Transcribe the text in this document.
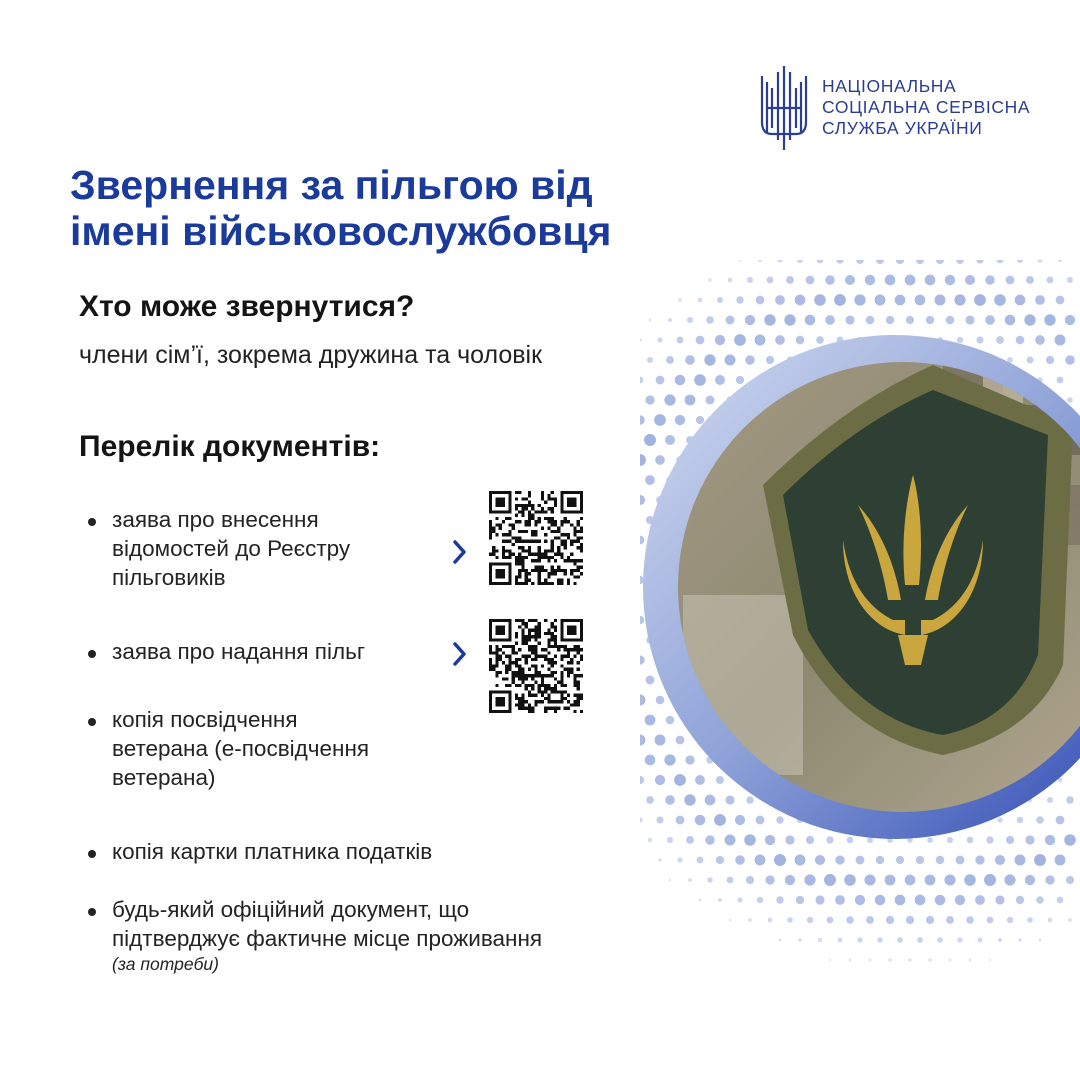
НАЦІОНАЛЬНА
СОЦІАЛЬНА СЕРВІСНА
СЛУЖБА УКРАЇНИ
Звернення за пільгою від
імені військовослужбовця
Хто може звернутися?
члени сім’ї, зокрема дружина та чоловік
Перелік документів:
заява про внесення
відомостей до Реєстру
пільговиків
заява про надання пільг
копія посвідчення
ветерана (е-посвідчення
ветерана)
копія картки платника податків
будь-який офіційний документ, що
підтверджує фактичне місце проживання
(за потреби)
